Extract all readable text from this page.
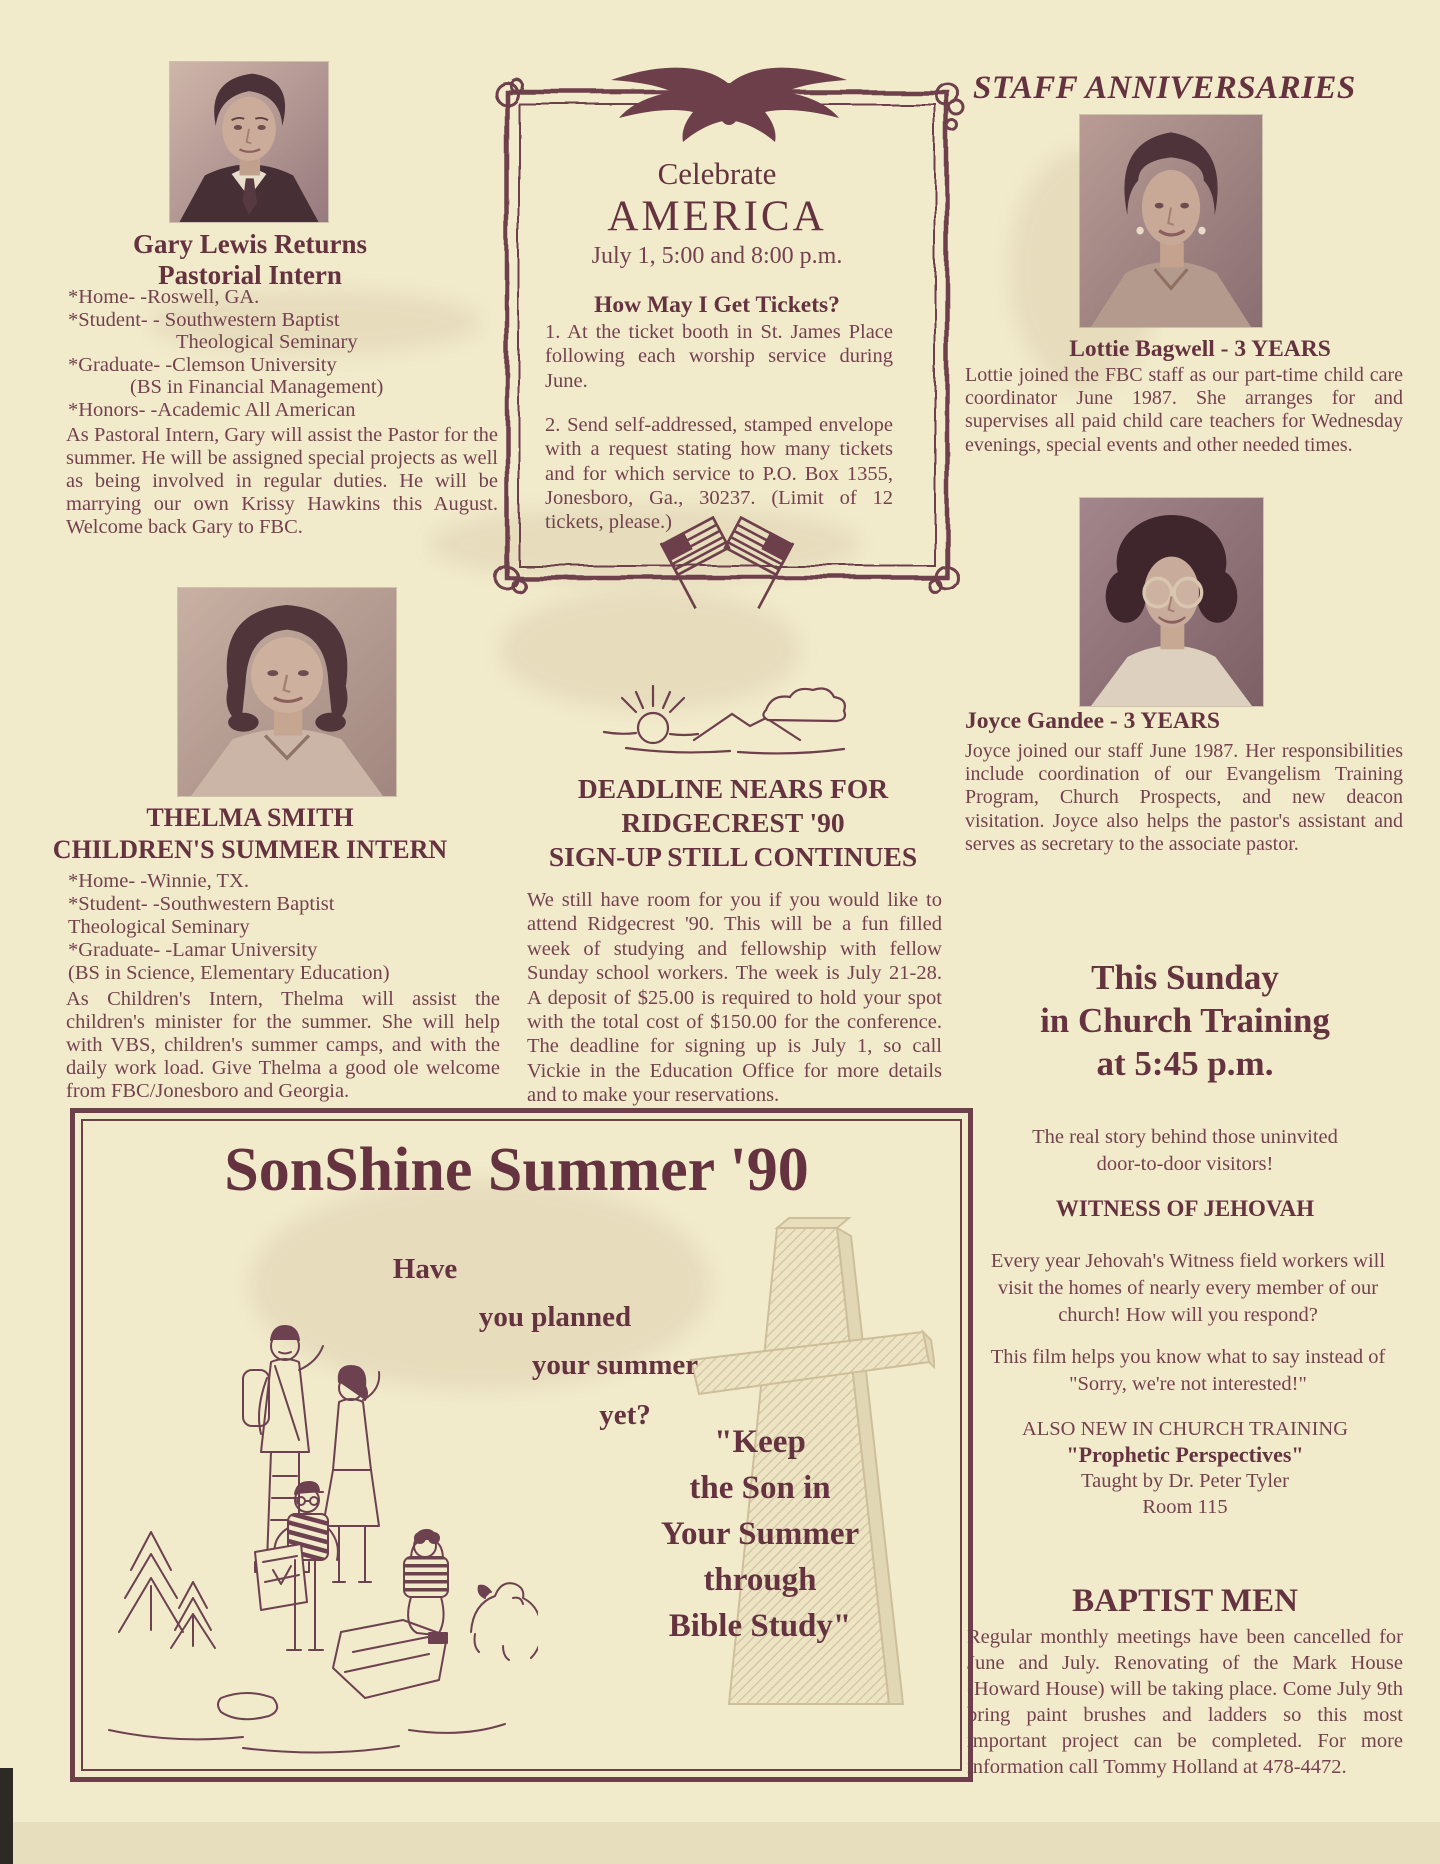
Gary Lewis Returns
Pastorial Intern
*Home- -Roswell, GA.
*Student- - Southwestern Baptist
Theological Seminary
*Graduate- -Clemson University
(BS in Financial Management)
*Honors- -Academic All American
As Pastoral Intern, Gary will assist the Pastor for the summer. He will be assigned special projects as well as being involved in regular duties. He will be marrying our own Krissy Hawkins this August. Welcome back Gary to FBC.
THELMA SMITH
CHILDREN'S SUMMER INTERN
*Home- -Winnie, TX.
*Student- -Southwestern Baptist
Theological Seminary
*Graduate- -Lamar University
(BS in Science, Elementary Education)
As Children's Intern, Thelma will assist the children's minister for the summer. She will help with VBS, children's summer camps, and with the daily work load. Give Thelma a good ole welcome from FBC/Jonesboro and Georgia.
Celebrate
AMERICA
July 1, 5:00 and 8:00 p.m.
How May I Get Tickets?
1. At the ticket booth in St. James Place following each worship service during June.
2. Send self-addressed, stamped envelope with a request stating how many tickets and for which service to P.O. Box 1355, Jonesboro, Ga., 30237. (Limit of 12 tickets, please.)
DEADLINE NEARS FOR
RIDGECREST '90
SIGN-UP STILL CONTINUES
We still have room for you if you would like to attend Ridgecrest '90. This will be a fun filled week of studying and fellowship with fellow Sunday school workers. The week is July 21-28. A deposit of $25.00 is required to hold your spot with the total cost of $150.00 for the conference. The deadline for signing up is July 1, so call Vickie in the Education Office for more details and to make your reservations.
STAFF ANNIVERSARIES
Lottie Bagwell - 3 YEARS
Lottie joined the FBC staff as our part-time child care coordinator June 1987. She arranges for and supervises all paid child care teachers for Wednesday evenings, special events and other needed times.
Joyce Gandee - 3 YEARS
Joyce joined our staff June 1987. Her responsibilities include coordination of our Evangelism Training Program, Church Prospects, and new deacon visitation. Joyce also helps the pastor's assistant and serves as secretary to the associate pastor.
This Sunday
in Church Training
at 5:45 p.m.
The real story behind those uninvited
door-to-door visitors!
WITNESS OF JEHOVAH
Every year Jehovah's Witness field workers will visit the homes of nearly every member of our church! How will you respond?
This film helps you know what to say instead of "Sorry, we're not interested!"
ALSO NEW IN CHURCH TRAINING
"Prophetic Perspectives"
Taught by Dr. Peter Tyler
Room 115
BAPTIST MEN
Regular monthly meetings have been cancelled for June and July. Renovating of the Mark House (Howard House) will be taking place. Come July 9th bring paint brushes and ladders so this most important project can be completed. For more information call Tommy Holland at 478-4472.
SonShine Summer '90
Have
you planned
your summer
yet?
"Keep
the Son in
Your Summer
through
Bible Study"
